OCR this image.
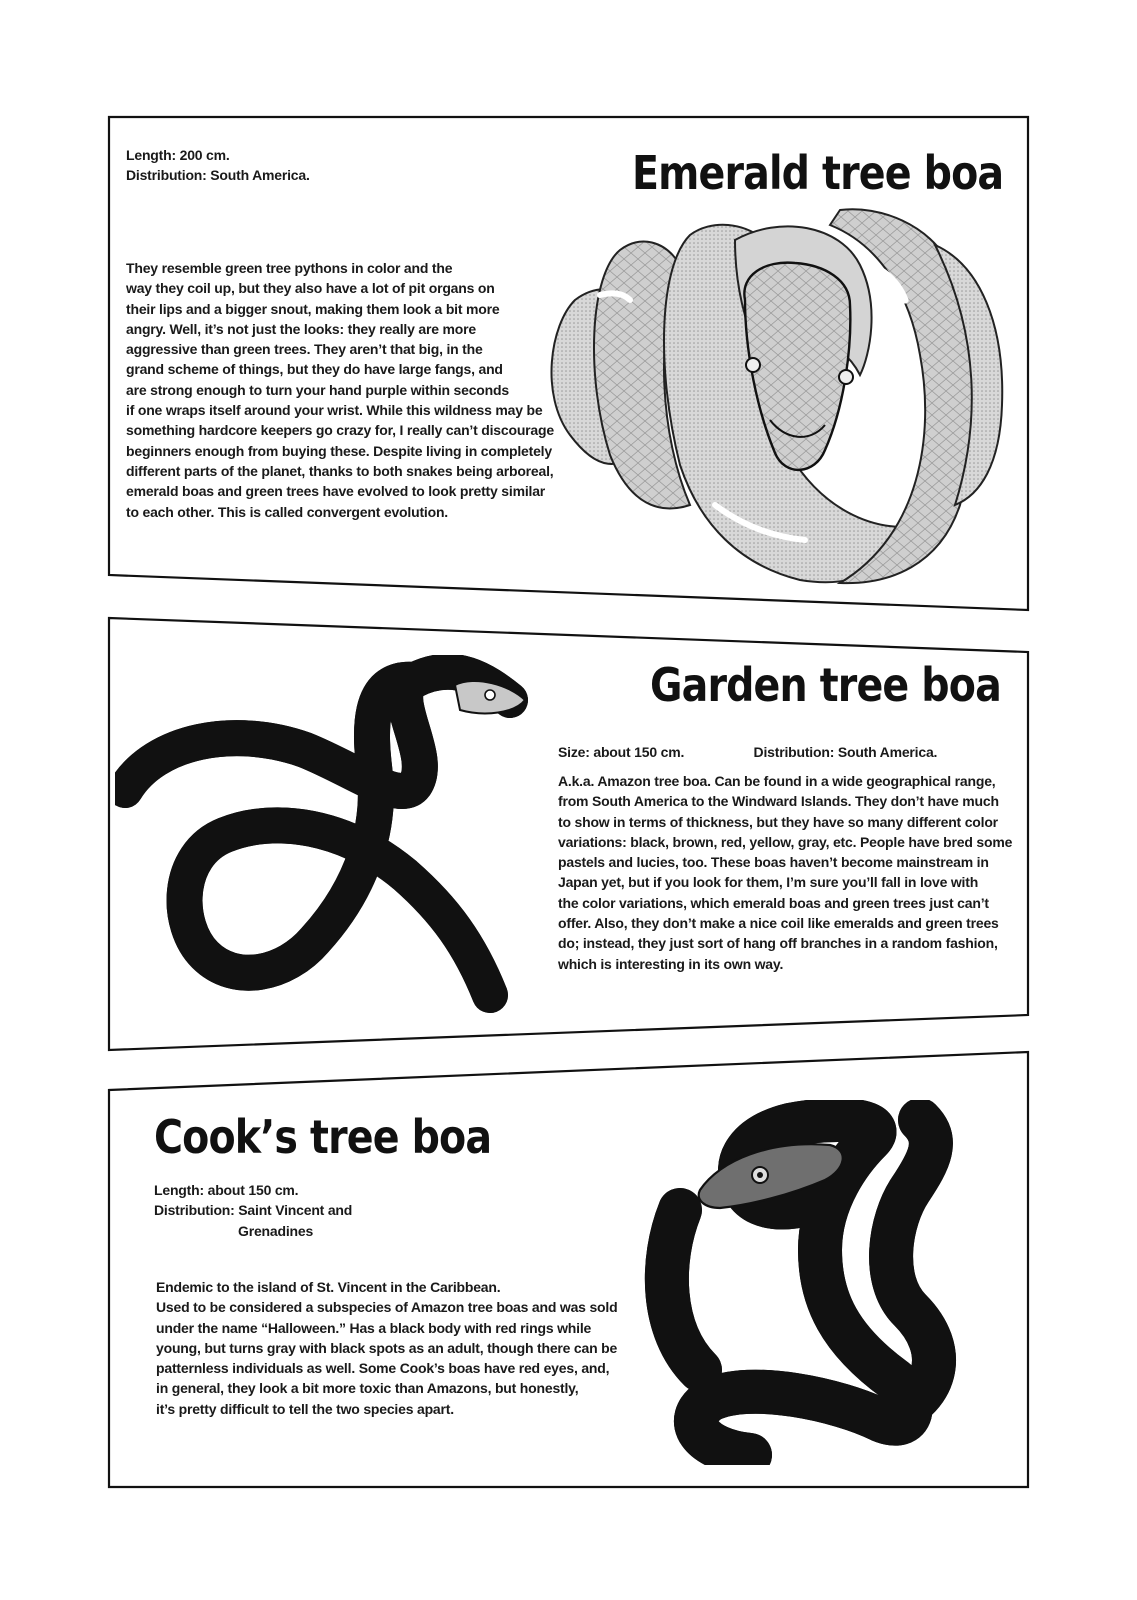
Length: 200 cm.
Distribution: South America.	Emerald tree boa
They resemble green tree pythons in color and the
way they coil up, but they also have a lot of pit organs on
their lips and a bigger snout, making them look a bit more
angry. Well, it’s not just the looks: they really are more
aggressive than green trees. They aren’t that big, in the
grand scheme of things, but they do have large fangs, and
are strong enough to turn your hand purple within seconds
if one wraps itself around your wrist. While this wildness may be
something hardcore keepers go crazy for, I really can’t discourage
beginners enough from buying these. Despite living in completely
different parts of the planet, thanks to both snakes being arboreal,
emerald boas and green trees have evolved to look pretty similar
to each other. This is called convergent evolution.
Garden tree boa
Size: about 150 cm.	Distribution: South America.
A.k.a. Amazon tree boa. Can be found in a wide geographical range,
from South America to the Windward Islands. They don’t have much
to show in terms of thickness, but they have so many different color
variations: black, brown, red, yellow, gray, etc. People have bred some
pastels and lucies, too. These boas haven’t become mainstream in
Japan yet, but if you look for them, I’m sure you’ll fall in love with
the color variations, which emerald boas and green trees just can’t
offer. Also, they don’t make a nice coil like emeralds and green trees
do; instead, they just sort of hang off branches in a random fashion,
which is interesting in its own way.
Cook’s tree boa
Length: about 150 cm.
Distribution: Saint Vincent and
Grenadines
Endemic to the island of St. Vincent in the Caribbean.
Used to be considered a subspecies of Amazon tree boas and was sold
under the name “Halloween.” Has a black body with red rings while
young, but turns gray with black spots as an adult, though there can be
patternless individuals as well. Some Cook’s boas have red eyes, and,
in general, they look a bit more toxic than Amazons, but honestly,
it’s pretty difficult to tell the two species apart.
